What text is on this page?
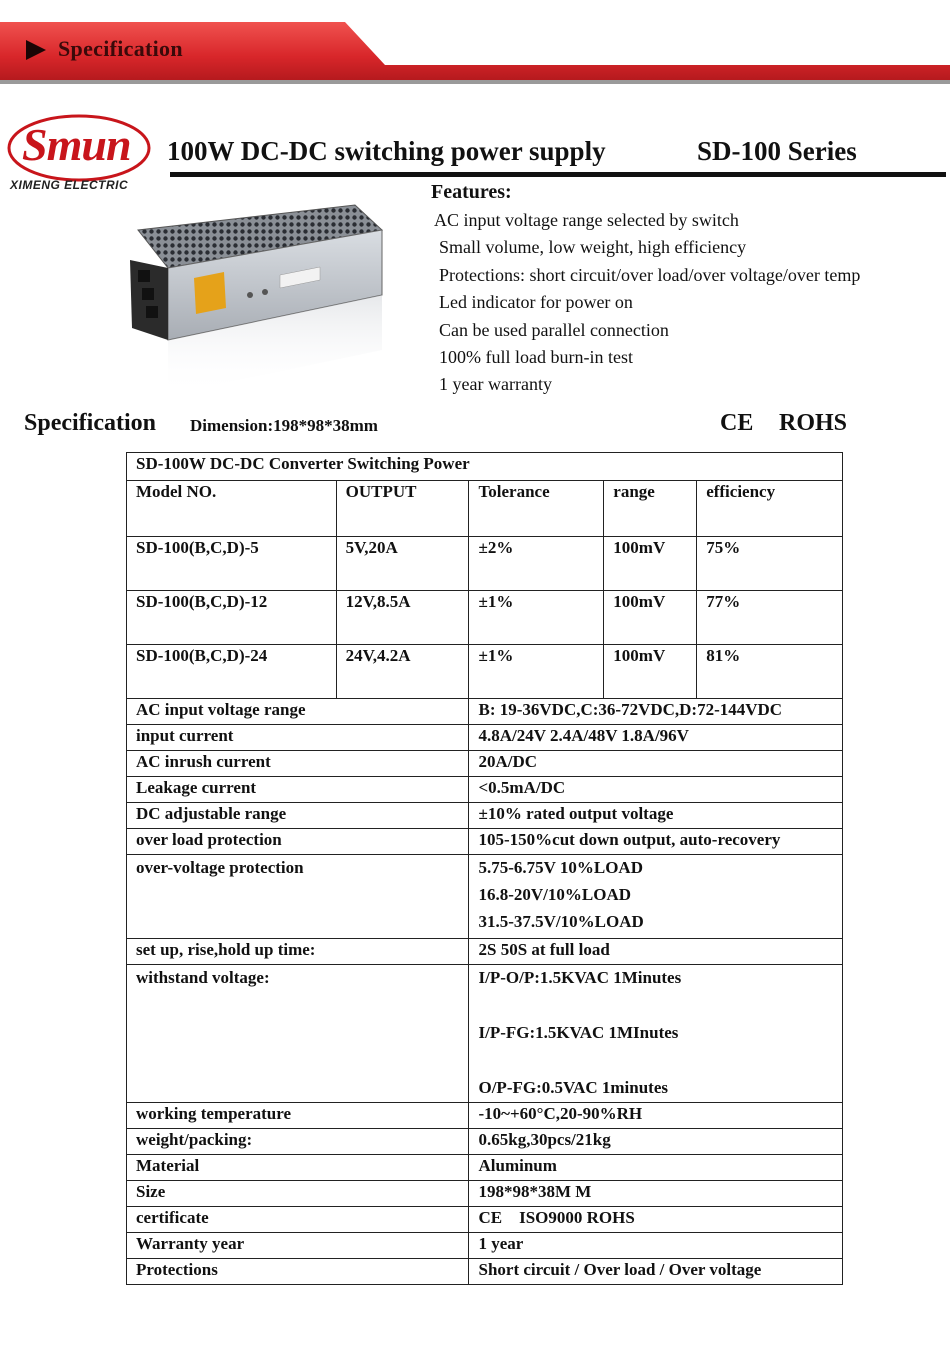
Specification
Smun
XIMENG ELECTRIC
100W DC-DC switching power supply	SD-100 Series
Features:
AC input voltage range selected by switch
Small volume, low weight, high efficiency
Protections: short circuit/over load/over voltage/over temp
Led indicator for power on
Can be used parallel connection
100% full load burn-in test
1 year warranty
Specification Dimension:198*98*38mm	CE ROHS
SD-100W DC-DC Converter Switching Power				
Model NO.	OUTPUT	Tolerance	range	efficiency
SD-100(B,C,D)-5	5V,20A	±2%	100mV	75%
SD-100(B,C,D)-12	12V,8.5A	±1%	100mV	77%
SD-100(B,C,D)-24	24V,4.2A	±1%	100mV	81%
AC input voltage range		B: 19-36VDC,C:36-72VDC,D:72-144VDC		
input current		4.8A/24V 2.4A/48V 1.8A/96V		
AC inrush current		20A/DC		
Leakage current		<0.5mA/DC		
DC adjustable range		±10% rated output voltage		
over load protection		105-150%cut down output, auto-recovery		
over-voltage protection		5.75-6.75V 10%LOAD
16.8-20V/10%LOAD
31.5-37.5V/10%LOAD		

set up, rise,hold up time:		2S 50S at full load		
withstand voltage:		I/P-O/P:1.5KVAC 1Minutes
I/P-FG:1.5KVAC 1MInutes
O/P-FG:0.5VAC 1minutes		

working temperature		-10~+60°C,20-90%RH		
weight/packing:		0.65kg,30pcs/21kg		
Material		Aluminum		
Size		198*98*38M M		
certificate		CE    ISO9000 ROHS		
Warranty year		1 year		
Protections		Short circuit / Over load / Over voltage		
